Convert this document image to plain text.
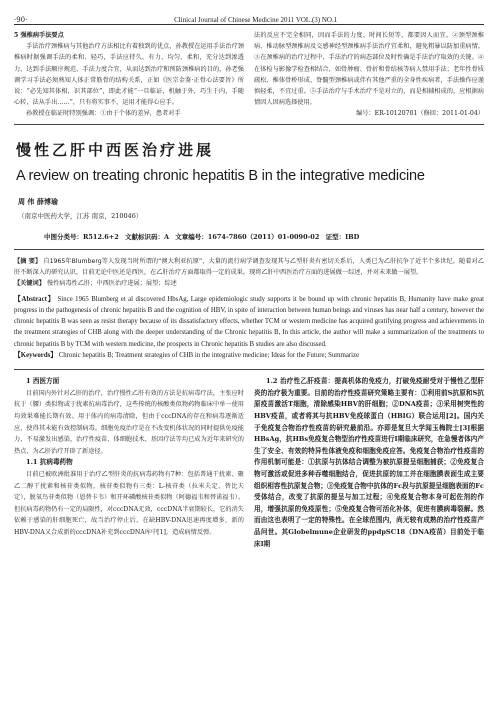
·90·	Clinical Journal of Chinese Medicine 2011 VOL.(3) NO.1

5 强椎病手法要点

手法治疗颈椎病与其他治疗方法相比有着独到的优点，孙教授在运用手法治疗颈椎病时据强调手法的柔和、轻巧，手法应持久、有力、均匀、柔和，充分达到渗透力，达到手法顺序规范、手法力度合宜，从而达到治疗和预防颈椎病的目的，孙老强调学习手法必须熟知人体正常筋骨的结构关系，正如《医宗金鉴·正骨心法要旨》所说：“必先知其体相，识其部位”，即此才能“一旦临证，机触于外，巧生于内，手随心转，法从手出……”，只有将实事不，运用才能得心应手。

孙教授在临证时特别强调：①由于个体的差异，患者对手

法的反应不完全相同，因而手法的力度、时间长短等，都要因人而宜。②颈型颈椎病、椎动脉型颈椎病及交感神经型颈椎病手法治疗宜柔和，避免粗暴以防加重病情。③在颈椎病的治疗过程中，手法治疗的病态部位及时性确是手法治疗取效的关键。④在体检与影像学检查相结合，如骨肿瘤、骨折和骨结核等病人禁用手法；老年性骨质疏松、椎体骨桥形成、脊髓型颈椎病或伴有其他严重的全身性疾病者，手法操作应谨慎轻柔，不宜过重。⑤手法治疗与手术治疗不是对立的，而是相辅相成的，应根据病情因人因病选择使用。

编号：ER-10120701（修回：2011-01-04）

慢性乙肝中西医治疗进展
A review on treating chronic hepatitis B in the integrative medicine
周 伟 薛博瑜
（南京中医药大学，江苏 南京，210046）
中图分类号：R512.6+2 文献标识码：A 文章编号：1674-7860（2011）01-0090-02 证型：IBD

【摘 要】 自1965年Blumberg等人发现当时所谓的“澳大利亚抗原”，大量的流行病学调查发现其与乙型肝炎有密切关系后，人类已为乙肝抗争了近半个多世纪。随着对乙肝不断深入的研究认识，目前无论中医还是西医，在乙肝治疗方面都取得一定的成果。现将乙肝中西医治疗方面的进展做一综述，并对未来做一展望。

【关键词】 慢性病毒性乙肝；中西医治疗进展；展望；综述

【Abstract】 Since 1965 Blumberg et al discovered HbsAg, Large epidemiologic study supports it be bound up with chronic hepatitis B, Humanity have make great progress in the pathogenesis of chronic hepatitis B and the cognition of HBV, in spite of interaction between human beings and viruses has near half a century, however the chronic hepatitis B was seen as resist therapy because of its dissatisfactory effects, whether TCM or western medicine has acquired gratifying progress and achievements in the treatment strategies of CHB along with the deeper understanding of the Chronic hepatitis B, In this article, the author will make a summarization of the treatments to chronic hepatitis B by TCM with western medicine, the prospects in Chronic hepatitis B studies are also discussed.

【Keywords】 Chronic hepatitis B; Treatment strategies of CHB in the integrative medicine; Ideas for the Future; Summarize

1 西医方面

目前国内外针对乙肝的治疗，治疗慢性乙肝有效的方法是抗病毒疗法，主张应时抗于（腰）类似物或于扰素抗病毒治疗，这些传统的核酸类似物药物临床中单一使用均效果难能长期有效。用于体内的病毒清除，但由于cccDNA的存在和病毒逐渐适应，使得其未能有效控制病毒。细胞免疫治疗是在不改变机体状况的同时提供免疫能力，不易激发出感染，治疗性疫苗、体细胞技术、基因疗法等均已成为近年来研究的热点，为乙肝治疗开辟了新途径。

1.1 抗病毒药物

目前已被欧洲批准用于治疗乙型肝炎的抗病毒药物有7种：包括普通干扰素、聚乙二醇干扰素和核苷类似物，核苷类似物有三类：L-核苷类（拉米夫定、替比夫定），脱氧鸟苷类似物（恩替卡韦）和开环磷酸核苷类似物（阿德福韦和替诺福韦）。但抗病毒药物仍有一定的局限性，对cccDNA无效，cccDNA半衰期较长，它的消失依赖于感染的肝细胞死亡，故当治疗停止后，在缺HBV-DNA迅速再度增多，新的HBV-DNA又合成新的cccDNA补充到cccDNA库中[1]，造成病情反弹。

1.2 治疗性乙肝疫苗：提高机体的免疫力，打破免疫耐受对于慢性乙型肝炎的治疗极为重要。目前的治疗性疫苗研究策略主要有：①利用前S抗原和S抗原疫苗激活T细胞，清除感染HBV的肝细胞；②DNA疫苗；③采用树突性的HBV疫苗，或者将其与抗HBV免疫球蛋白（HBIG）联合运用[2]。国内关于免疫复合物治疗性疫苗的研究最前沿。亦即是复旦大学闻玉梅院士[3]根据HBsAg，抗HBs免疫复合物型治疗性疫苗进行I期临床研究，在急慢者体内产生了安全、有效的特异性体液免疫和细胞免疫应答。免疫复合物治疗性疫苗的作用机制可能是：①抗原与抗体结合调整为被抗原提呈细胞捕获；②免疫复合物可激活或促进多种吞噬细胞结合，促进抗原的加工并在细胞膜表面生成主要组织相容性抗原复合物；③免疫复合物中抗体的Fc段与抗原提呈细胞表面的Fc受体结合，改变了抗原的提呈与加工过程；④免疫复合物本身可起佐剂的作用，增强抗原的免疫原性；⑤免疫复合物可活化补体，促进有膜病毒裂解。然而由这也表明了一定的特殊性。在全球范围内，尚无较有成熟的治疗性疫苗产品问世。其Globelmune企业研发的ppdpSC18（DNA疫苗）目前处于临床Ⅰ期
